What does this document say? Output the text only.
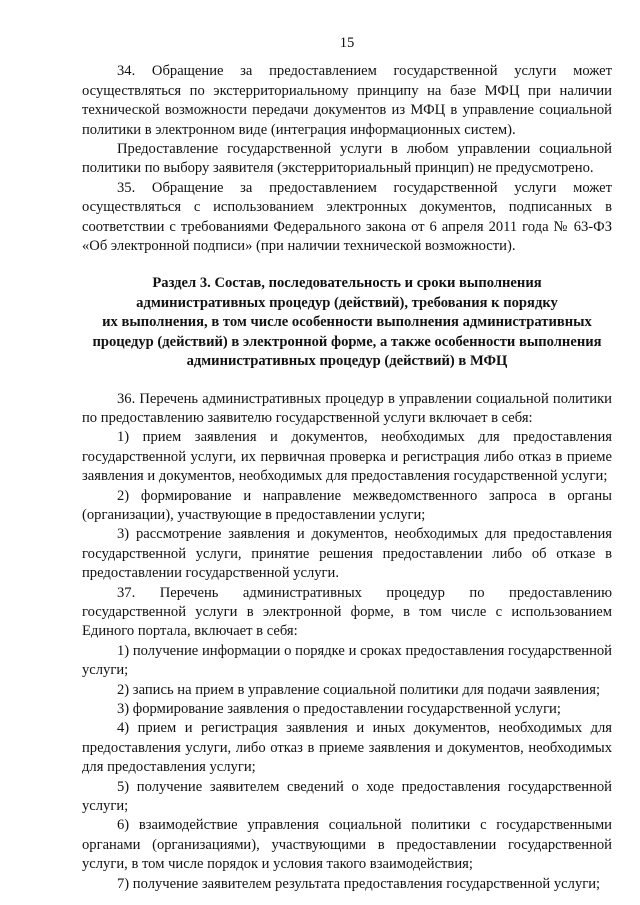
15

34. Обращение за предоставлением государственной услуги может осуществляться по экстерриториальному принципу на базе МФЦ при наличии технической возможности передачи документов из МФЦ в управление социальной политики в электронном виде (интеграция информационных систем).

Предоставление государственной услуги в любом управлении социальной политики по выбору заявителя (экстерриториальный принцип) не предусмотрено.

35. Обращение за предоставлением государственной услуги может осуществляться с использованием электронных документов, подписанных в соответствии с требованиями Федерального закона от 6 апреля 2011 года № 63-ФЗ «Об электронной подписи» (при наличии технической возможности).

Раздел 3. Состав, последовательность и сроки выполнения
административных процедур (действий), требования к порядку
их выполнения, в том числе особенности выполнения административных
процедур (действий) в электронной форме, а также особенности выполнения
административных процедур (действий) в МФЦ

36. Перечень административных процедур в управлении социальной политики по предоставлению заявителю государственной услуги включает в себя:

1) прием заявления и документов, необходимых для предоставления государственной услуги, их первичная проверка и регистрация либо отказ в приеме заявления и документов, необходимых для предоставления государственной услуги;

2) формирование и направление межведомственного запроса в органы (организации), участвующие в предоставлении услуги;

3) рассмотрение заявления и документов, необходимых для предоставления государственной услуги, принятие решения предоставлении либо об отказе в предоставлении государственной услуги.

37. Перечень административных процедур по предоставлению государственной услуги в электронной форме, в том числе с использованием Единого портала, включает в себя:

1) получение информации о порядке и сроках предоставления государственной услуги;

2) запись на прием в управление социальной политики для подачи заявления;

3) формирование заявления о предоставлении государственной услуги;

4) прием и регистрация заявления и иных документов, необходимых для предоставления услуги, либо отказ в приеме заявления и документов, необходимых для предоставления услуги;

5) получение заявителем сведений о ходе предоставления государственной услуги;

6) взаимодействие управления социальной политики с государственными органами (организациями), участвующими в предоставлении государственной услуги, в том числе порядок и условия такого взаимодействия;

7) получение заявителем результата предоставления государственной услуги;
